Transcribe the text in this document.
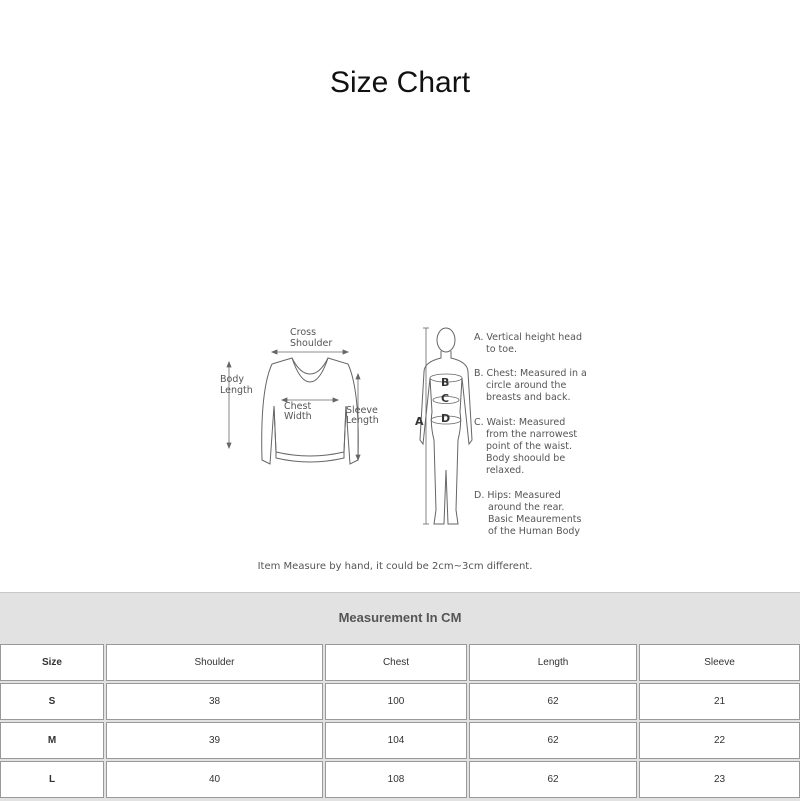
Size Chart
Cross
Shoulder
Body
Length
Chest
Width
Sleeve
Length	A
B
C
D
A. Vertical height head
to toe.
B. Chest: Measured in a
circle around the
breasts and back.
C. Waist: Measured
from the narrowest
point of the waist.
Body shoould be
relaxed.
D. Hips: Measured
around the rear.
Basic Meaurements
of the Human Body
Item Measure by hand, it could be 2cm~3cm different.
Measurement In CM
Size	Shoulder	Chest	Length	Sleeve
S	38	100	62	21
M	39	104	62	22
L	40	108	62	23
